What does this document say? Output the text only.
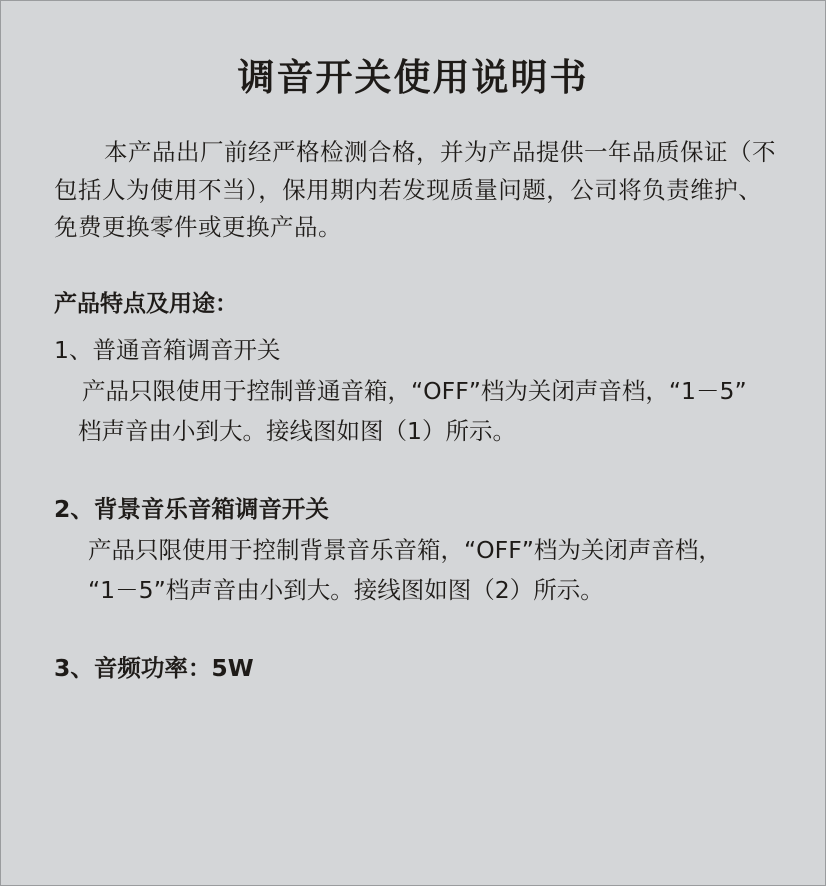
调音开关使用说明书
本产品出厂前经严格检测合格，并为产品提供一年品质保证（不包括人为使用不当），保用期内若发现质量问题，公司将负责维护、免费更换零件或更换产品。
产品特点及用途：
1、普通音箱调音开关
产品只限使用于控制普通音箱，“OFF”档为关闭声音档，“1－5”
档声音由小到大。接线图如图（1）所示。
2、背景音乐音箱调音开关
产品只限使用于控制背景音乐音箱，“OFF”档为关闭声音档，
“1－5”档声音由小到大。接线图如图（2）所示。
3、音频功率：5W
